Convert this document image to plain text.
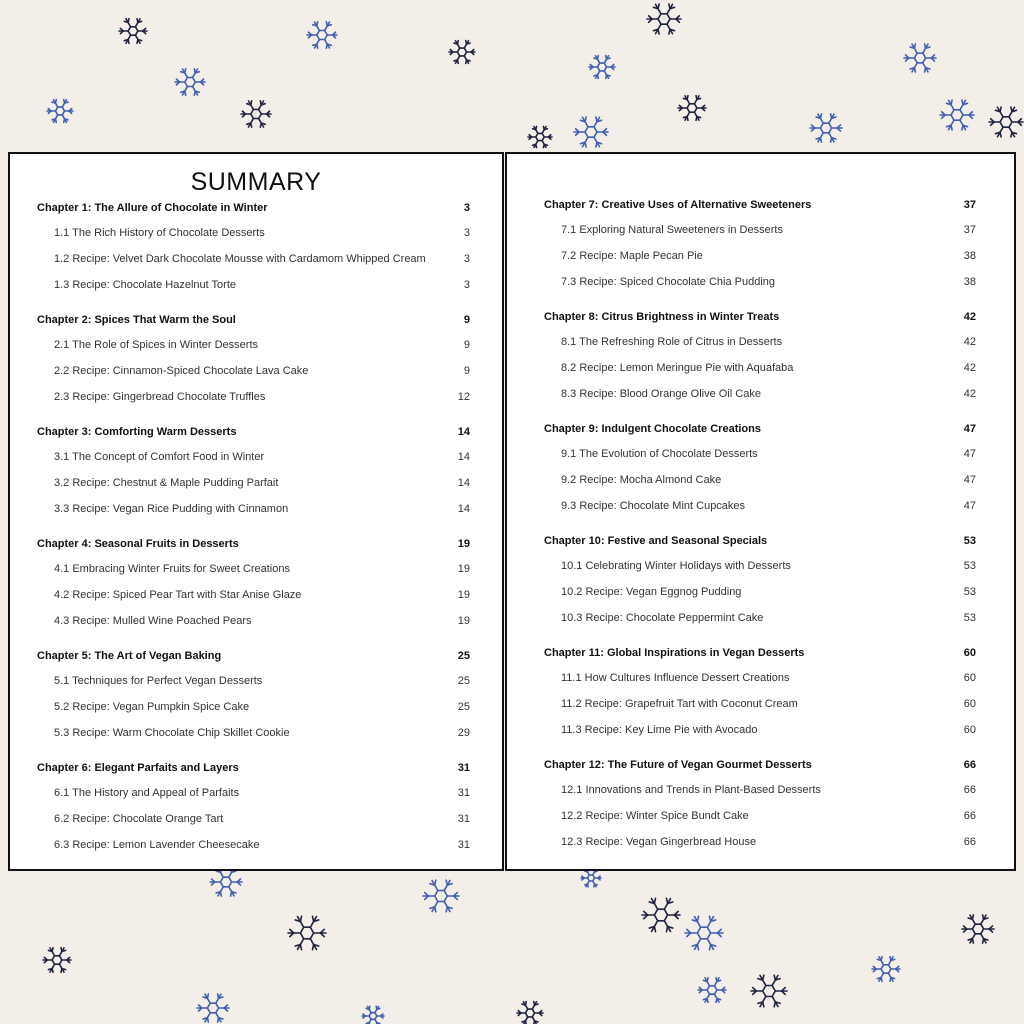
SUMMARY
Chapter 1: The Allure of Chocolate in Winter	3
1.1 The Rich History of Chocolate Desserts	3
1.2 Recipe: Velvet Dark Chocolate Mousse with Cardamom Whipped Cream	3
1.3 Recipe: Chocolate Hazelnut Torte	3
Chapter 2: Spices That Warm the Soul	9
2.1 The Role of Spices in Winter Desserts	9
2.2 Recipe: Cinnamon-Spiced Chocolate Lava Cake	9
2.3 Recipe: Gingerbread Chocolate Truffles	12
Chapter 3: Comforting Warm Desserts	14
3.1 The Concept of Comfort Food in Winter	14
3.2 Recipe: Chestnut & Maple Pudding Parfait	14
3.3 Recipe: Vegan Rice Pudding with Cinnamon	14
Chapter 4: Seasonal Fruits in Desserts	19
4.1 Embracing Winter Fruits for Sweet Creations	19
4.2 Recipe: Spiced Pear Tart with Star Anise Glaze	19
4.3 Recipe: Mulled Wine Poached Pears	19
Chapter 5: The Art of Vegan Baking	25
5.1 Techniques for Perfect Vegan Desserts	25
5.2 Recipe: Vegan Pumpkin Spice Cake	25
5.3 Recipe: Warm Chocolate Chip Skillet Cookie	29
Chapter 6: Elegant Parfaits and Layers	31
6.1 The History and Appeal of Parfaits	31
6.2 Recipe: Chocolate Orange Tart	31
6.3 Recipe: Lemon Lavender Cheesecake	31
Chapter 7: Creative Uses of Alternative Sweeteners	37
7.1 Exploring Natural Sweeteners in Desserts	37
7.2 Recipe: Maple Pecan Pie	38
7.3 Recipe: Spiced Chocolate Chia Pudding	38
Chapter 8: Citrus Brightness in Winter Treats	42
8.1 The Refreshing Role of Citrus in Desserts	42
8.2 Recipe: Lemon Meringue Pie with Aquafaba	42
8.3 Recipe: Blood Orange Olive Oil Cake	42
Chapter 9: Indulgent Chocolate Creations	47
9.1 The Evolution of Chocolate Desserts	47
9.2 Recipe: Mocha Almond Cake	47
9.3 Recipe: Chocolate Mint Cupcakes	47
Chapter 10: Festive and Seasonal Specials	53
10.1 Celebrating Winter Holidays with Desserts	53
10.2 Recipe: Vegan Eggnog Pudding	53
10.3 Recipe: Chocolate Peppermint Cake	53
Chapter 11: Global Inspirations in Vegan Desserts	60
11.1 How Cultures Influence Dessert Creations	60
11.2 Recipe: Grapefruit Tart with Coconut Cream	60
11.3 Recipe: Key Lime Pie with Avocado	60
Chapter 12: The Future of Vegan Gourmet Desserts	66
12.1 Innovations and Trends in Plant-Based Desserts	66
12.2 Recipe: Winter Spice Bundt Cake	66
12.3 Recipe: Vegan Gingerbread House	66
